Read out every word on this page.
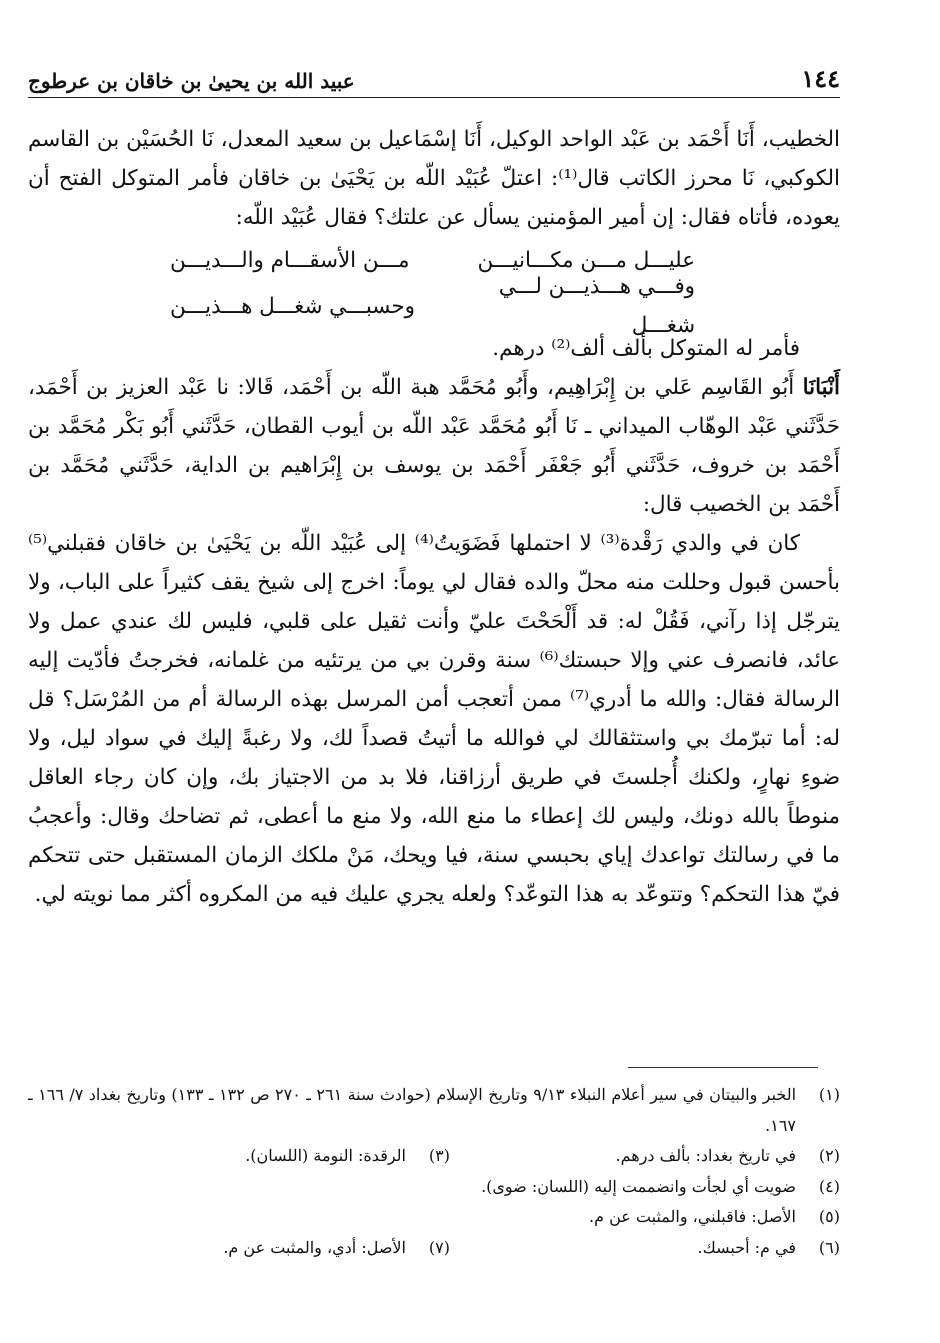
١٤٤
عبيد الله بن يحيىٰ بن خاقان بن عرطوج

الخطيب، أَنَا أَحْمَد بن عَبْد الواحد الوكيل، أَنَا إسْمَاعيل بن سعيد المعدل، نَا الحُسَيْن بن القاسم الكوكبي، نَا محرز الكاتب قال⁽¹⁾: اعتلّ عُبَيْد اللّه بن يَحْيَىٰ بن خاقان فأمر المتوكل الفتح أن يعوده، فأتاه فقال: إن أمير المؤمنين يسأل عن علتك؟ فقال عُبَيْد اللّه:

عليـــل مـــن مكـــانيـــن
مـــن الأسقـــام والـــديـــن
وفـــي هـــذيـــن لـــي شغـــل
وحسبـــي شغـــل هـــذيـــن

فأمر له المتوكل بألف ألف⁽²⁾ درهم.

أَنْبَانَا أَبُو القَاسِم عَلي بن إِبْرَاهِيم، وأَبُو مُحَمَّد هبة اللّه بن أَحْمَد، قَالا: نا عَبْد العزيز بن أَحْمَد، حَدَّثَني عَبْد الوهّاب الميداني ـ نَا أَبُو مُحَمَّد عَبْد اللّه بن أيوب القطان، حَدَّثَني أَبُو بَكْر مُحَمَّد بن أَحْمَد بن خروف، حَدَّثَني أَبُو جَعْفَر أَحْمَد بن يوسف بن إِبْرَاهيم بن الداية، حَدَّثَني مُحَمَّد بن أَحْمَد بن الخصيب قال:

كان في والدي رَقْدة⁽³⁾ لا احتملها فَضَوَيتُ⁽⁴⁾ إلى عُبَيْد اللّه بن يَحْيَىٰ بن خاقان فقبلني⁽⁵⁾ بأحسن قبول وحللت منه محلّ والده فقال لي يوماً: اخرج إلى شيخ يقف كثيراً على الباب، ولا يترجّل إذا رآني، فَقُلْ له: قد أَلْحَحْتَ عليّ وأنت ثقيل على قلبي، فليس لك عندي عمل ولا عائد، فانصرف عني وإلا حبستك⁽⁶⁾ سنة وقرن بي من يرتئيه من غلمانه، فخرجتُ فأدّيت إليه الرسالة فقال: والله ما أدري⁽⁷⁾ ممن أتعجب أمن المرسل بهذه الرسالة أم من المُرْسَل؟ قل له: أما تبرّمك بي واستثقالك لي فوالله ما أتيتُ قصداً لك، ولا رغبةً إليك في سواد ليل، ولا ضوءِ نهارٍ، ولكنك أُجلستَ في طريق أرزاقنا، فلا بد من الاجتياز بك، وإن كان رجاء العاقل منوطاً بالله دونك، وليس لك إعطاء ما منع الله، ولا منع ما أعطى، ثم تضاحك وقال: وأعجبُ ما في رسالتك تواعدك إياي بحبسي سنة، فيا ويحك، مَنْ ملكك الزمان المستقبل حتى تتحكم فيّ هذا التحكم؟ وتتوعّد به هذا التوعّد؟ ولعله يجري عليك فيه من المكروه أكثر مما نويته لي.

(١)
الخبر والبيتان في سير أعلام النبلاء ٩/١٣ وتاريخ الإسلام (حوادث سنة ٢٦١ ـ ٢٧٠ ص ١٣٢ ـ ١٣٣) وتاريخ بغداد ٧/ ١٦٦ ـ ١٦٧.
(٢)
في تاريخ بغداد: بألف درهم.
(٣)
الرقدة: النومة (اللسان).
(٤)
ضويت أي لجأت وانضممت إليه (اللسان: ضوى).
(٥)
الأصل: فاقبلني، والمثبت عن م.
(٦)
في م: أحبسك.
(٧)
الأصل: أدي، والمثبت عن م.
